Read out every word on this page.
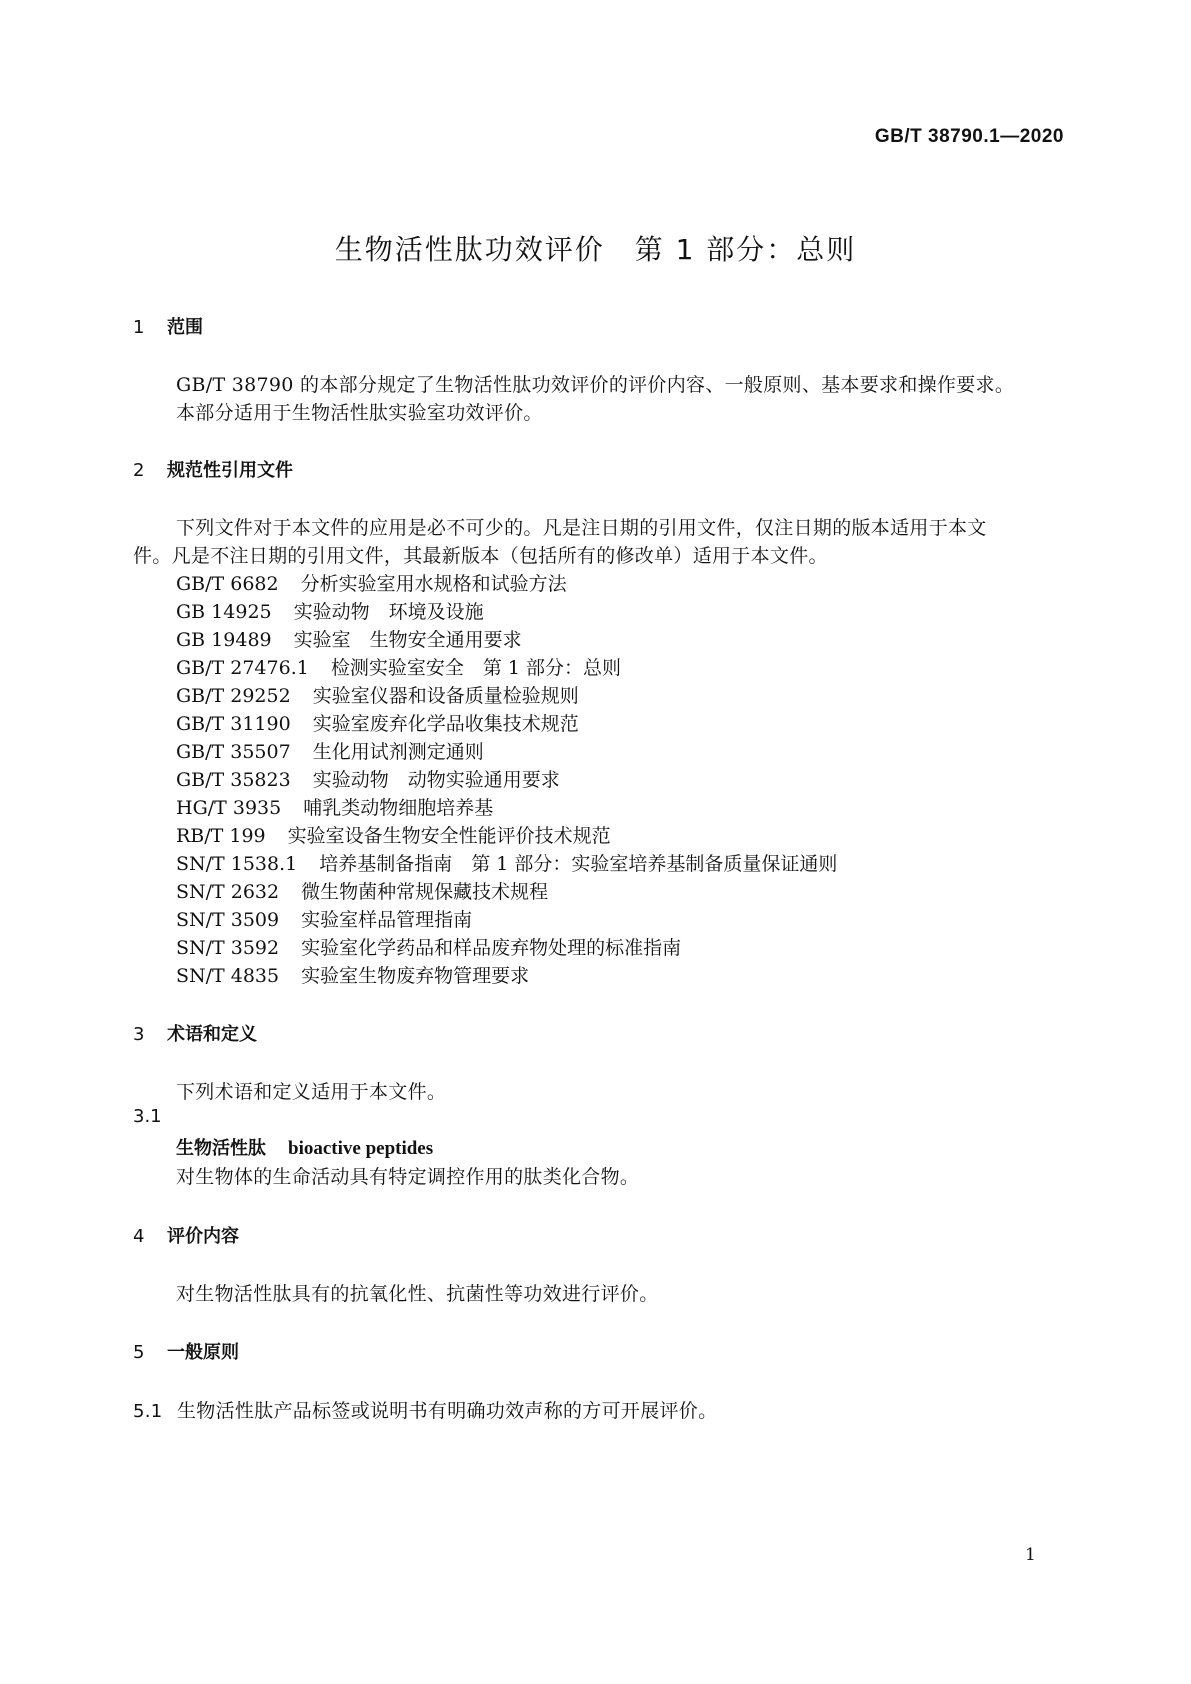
GB/T 38790.1—2020
生物活性肽功效评价　第 1 部分：总则
1 范围
GB/T 38790 的本部分规定了生物活性肽功效评价的评价内容、一般原则、基本要求和操作要求。
本部分适用于生物活性肽实验室功效评价。
2 规范性引用文件
下列文件对于本文件的应用是必不可少的。凡是注日期的引用文件，仅注日期的版本适用于本文
件。凡是不注日期的引用文件，其最新版本（包括所有的修改单）适用于本文件。
GB/T 6682 分析实验室用水规格和试验方法
GB 14925 实验动物　环境及设施
GB 19489 实验室　生物安全通用要求
GB/T 27476.1 检测实验室安全　第 1 部分：总则
GB/T 29252 实验室仪器和设备质量检验规则
GB/T 31190 实验室废弃化学品收集技术规范
GB/T 35507 生化用试剂测定通则
GB/T 35823 实验动物　动物实验通用要求
HG/T 3935 哺乳类动物细胞培养基
RB/T 199 实验室设备生物安全性能评价技术规范
SN/T 1538.1 培养基制备指南　第 1 部分：实验室培养基制备质量保证通则
SN/T 2632 微生物菌种常规保藏技术规程
SN/T 3509 实验室样品管理指南
SN/T 3592 实验室化学药品和样品废弃物处理的标准指南
SN/T 4835 实验室生物废弃物管理要求
3 术语和定义
下列术语和定义适用于本文件。
3.1
生物活性肽 bioactive peptides
对生物体的生命活动具有特定调控作用的肽类化合物。
4 评价内容
对生物活性肽具有的抗氧化性、抗菌性等功效进行评价。
5 一般原则
5.1 生物活性肽产品标签或说明书有明确功效声称的方可开展评价。
1
